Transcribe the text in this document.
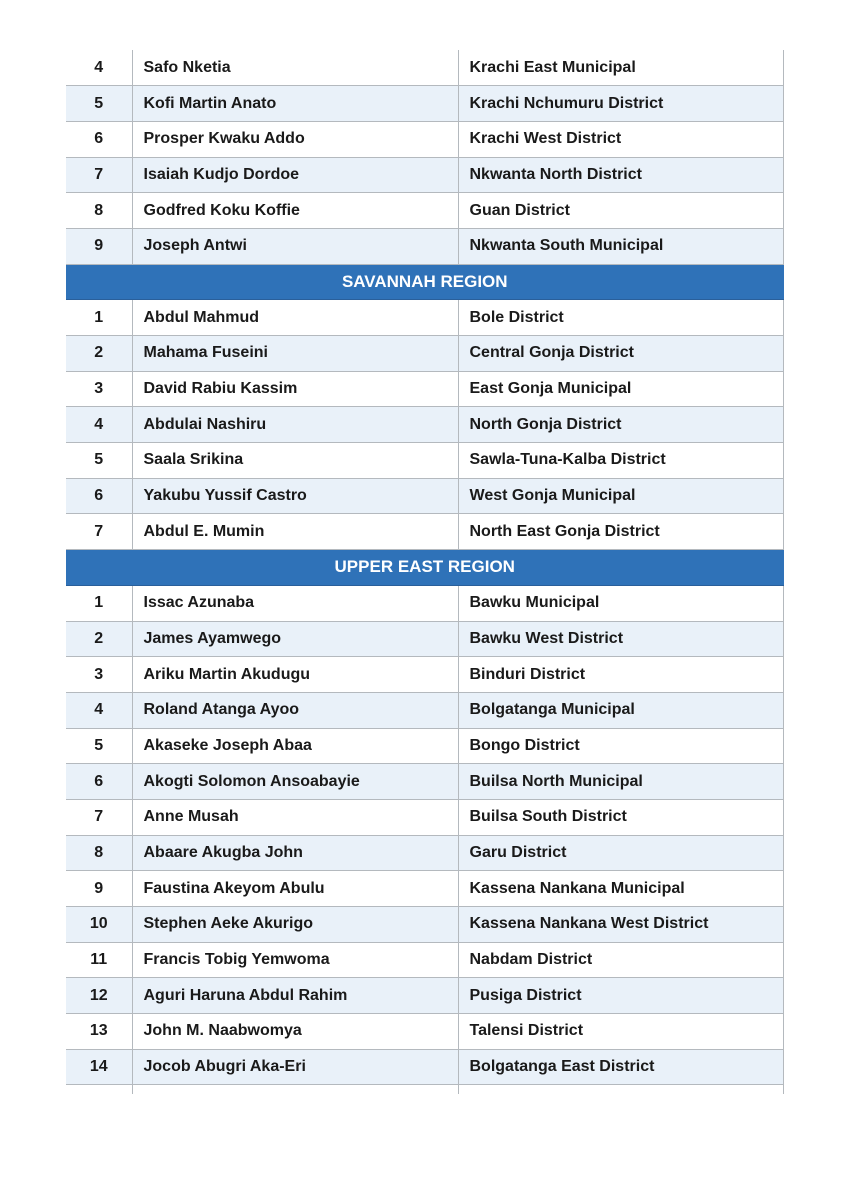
4	Safo Nketia	Krachi East Municipal
5	Kofi Martin Anato	Krachi Nchumuru District
6	Prosper Kwaku Addo	Krachi West District
7	Isaiah Kudjo Dordoe	Nkwanta North District
8	Godfred Koku Koffie	Guan District
9	Joseph Antwi	Nkwanta South Municipal
SAVANNAH REGION		
1	Abdul Mahmud	Bole District
2	Mahama Fuseini	Central Gonja District
3	David Rabiu Kassim	East Gonja Municipal
4	Abdulai Nashiru	North Gonja District
5	Saala Srikina	Sawla-Tuna-Kalba District
6	Yakubu Yussif Castro	West Gonja Municipal
7	Abdul E. Mumin	North East Gonja District
UPPER EAST REGION		
1	Issac Azunaba	Bawku Municipal
2	James Ayamwego	Bawku West District
3	Ariku Martin Akudugu	Binduri District
4	Roland Atanga Ayoo	Bolgatanga Municipal
5	Akaseke Joseph Abaa	Bongo District
6	Akogti Solomon Ansoabayie	Builsa North Municipal
7	Anne Musah	Builsa South District
8	Abaare Akugba John	Garu District
9	Faustina Akeyom Abulu	Kassena Nankana Municipal
10	Stephen Aeke Akurigo	Kassena Nankana West District
11	Francis Tobig Yemwoma	Nabdam District
12	Aguri Haruna Abdul Rahim	Pusiga District
13	John M. Naabwomya	Talensi District
14	Jocob Abugri Aka-Eri	Bolgatanga East District
